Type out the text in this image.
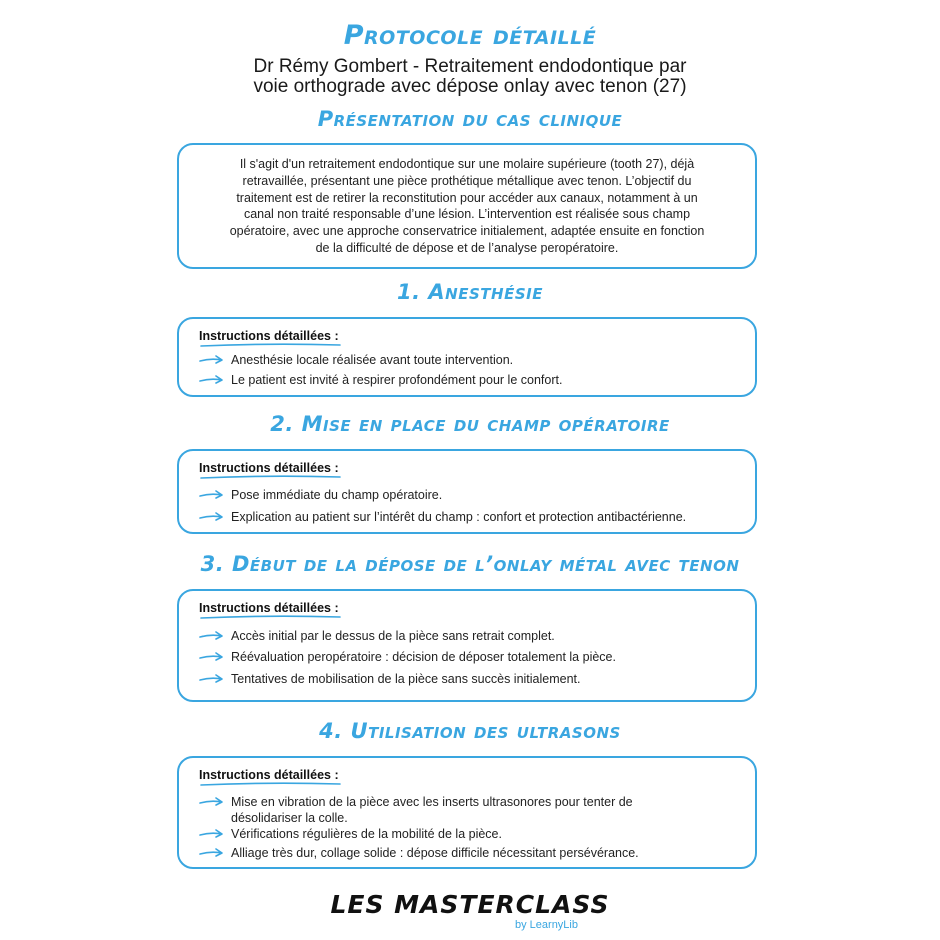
Protocole détaillé
Dr Rémy Gombert - Retraitement endodontique par
voie orthograde avec dépose onlay avec tenon (27)
Présentation du cas clinique
Il s'agit d'un retraitement endodontique sur une molaire supérieure (tooth 27), déjà
retravaillée, présentant une pièce prothétique métallique avec tenon. L’objectif du
traitement est de retirer la reconstitution pour accéder aux canaux, notamment à un
canal non traité responsable d’une lésion. L’intervention est réalisée sous champ
opératoire, avec une approche conservatrice initialement, adaptée ensuite en fonction
de la difficulté de dépose et de l’analyse peropératoire.
1. Anesthésie
Instructions détaillées :
Anesthésie locale réalisée avant toute intervention.
Le patient est invité à respirer profondément pour le confort.
2. Mise en place du champ opératoire
Instructions détaillées :
Pose immédiate du champ opératoire.
Explication au patient sur l’intérêt du champ : confort et protection antibactérienne.
3. Début de la dépose de l’onlay métal avec tenon
Instructions détaillées :
Accès initial par le dessus de la pièce sans retrait complet.
Réévaluation peropératoire : décision de déposer totalement la pièce.
Tentatives de mobilisation de la pièce sans succès initialement.
4. Utilisation des ultrasons
Instructions détaillées :
Mise en vibration de la pièce avec les inserts ultrasonores pour tenter de désolidariser la colle.
Vérifications régulières de la mobilité de la pièce.
Alliage très dur, collage solide : dépose difficile nécessitant persévérance.
LES MASTERCLASS
by LearnyLib
